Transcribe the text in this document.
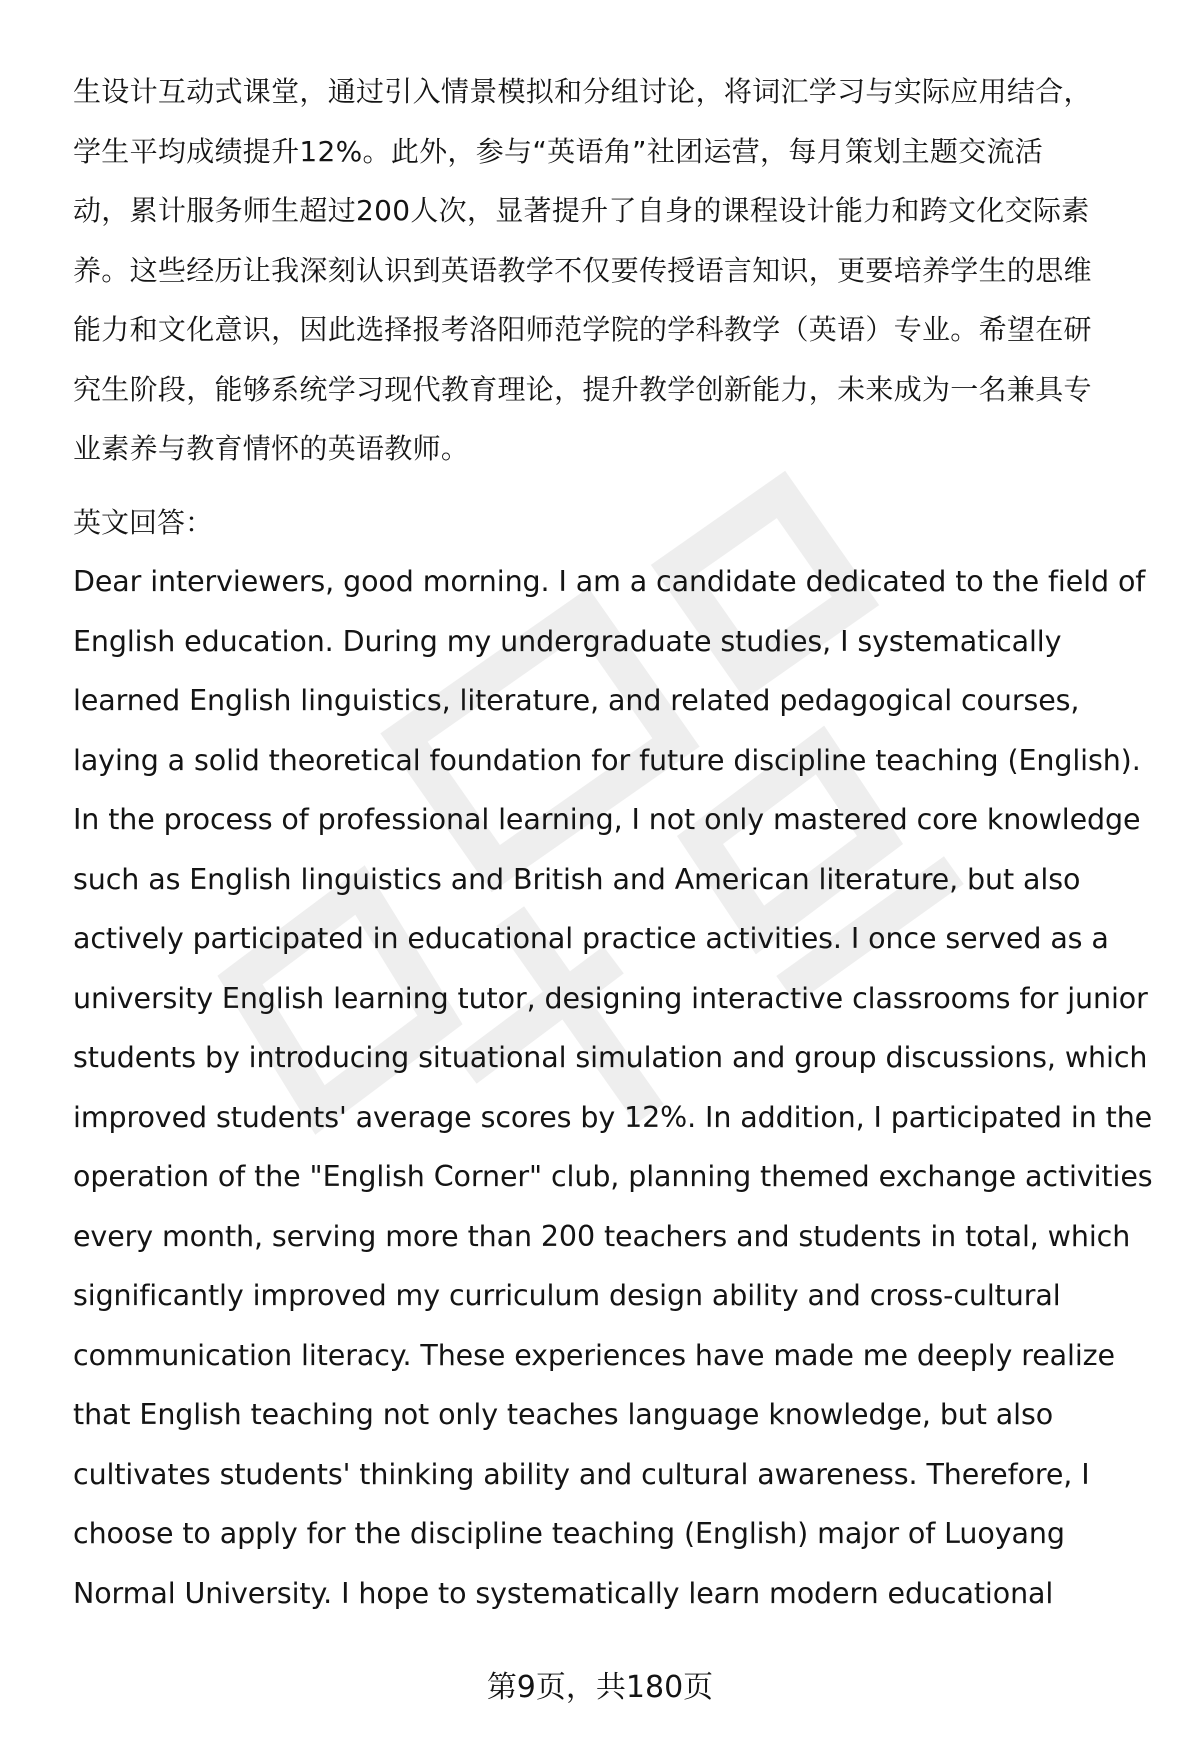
生设计互动式课堂，通过引入情景模拟和分组讨论，将词汇学习与实际应用结合，
学生平均成绩提升12%。此外，参与“英语角”社团运营，每月策划主题交流活
动，累计服务师生超过200人次，显著提升了自身的课程设计能力和跨文化交际素
养。这些经历让我深刻认识到英语教学不仅要传授语言知识，更要培养学生的思维
能力和文化意识，因此选择报考洛阳师范学院的学科教学（英语）专业。希望在研
究生阶段，能够系统学习现代教育理论，提升教学创新能力，未来成为一名兼具专
业素养与教育情怀的英语教师。
英文回答：
Dear interviewers, good morning. I am a candidate dedicated to the field of
English education. During my undergraduate studies, I systematically
learned English linguistics, literature, and related pedagogical courses,
laying a solid theoretical foundation for future discipline teaching (English).
In the process of professional learning, I not only mastered core knowledge
such as English linguistics and British and American literature, but also
actively participated in educational practice activities. I once served as a
university English learning tutor, designing interactive classrooms for junior
students by introducing situational simulation and group discussions, which
improved students' average scores by 12%. In addition, I participated in the
operation of the "English Corner" club, planning themed exchange activities
every month, serving more than 200 teachers and students in total, which
significantly improved my curriculum design ability and cross-cultural
communication literacy. These experiences have made me deeply realize
that English teaching not only teaches language knowledge, but also
cultivates students' thinking ability and cultural awareness. Therefore, I
choose to apply for the discipline teaching (English) major of Luoyang
Normal University. I hope to systematically learn modern educational
第9页，共180页
